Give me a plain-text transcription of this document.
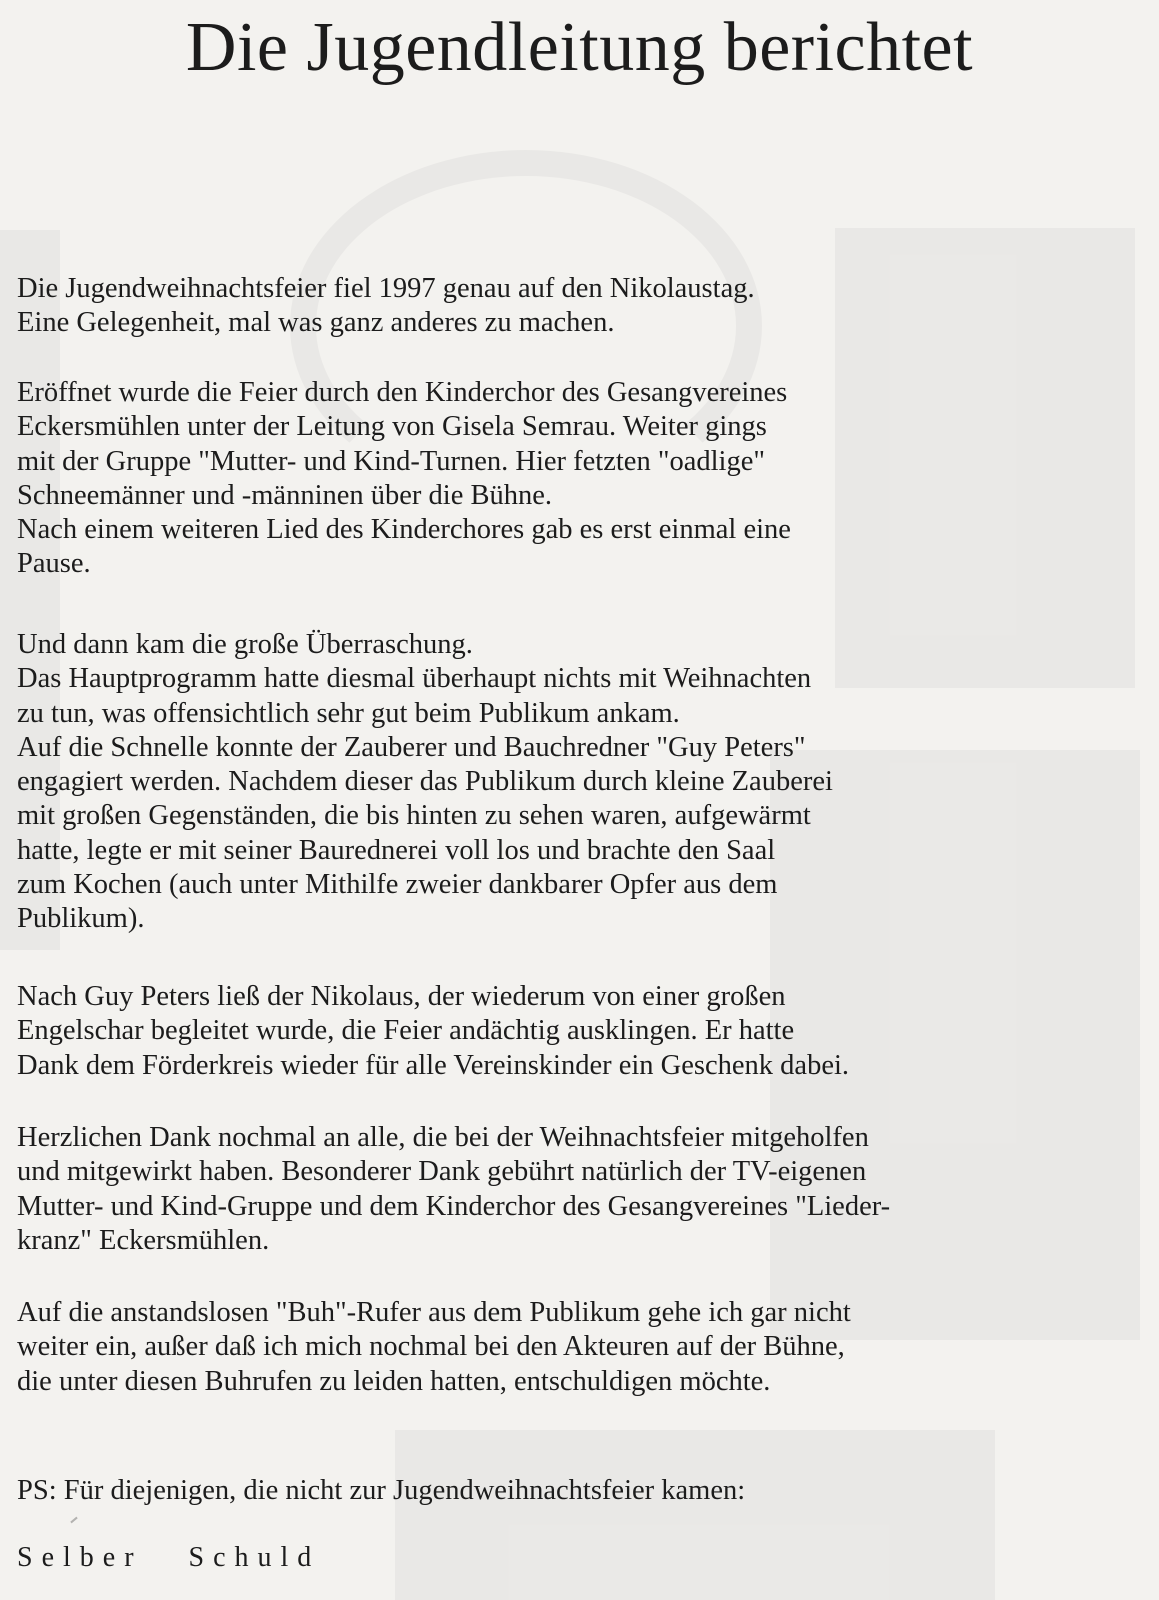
Die Jugendleitung berichtet

Die Jugendweihnachtsfeier fiel 1997 genau auf den Nikolaustag.
Eine Gelegenheit, mal was ganz anderes zu machen.

Eröffnet wurde die Feier durch den Kinderchor des Gesangvereines
Eckersmühlen unter der Leitung von Gisela Semrau. Weiter gings
mit der Gruppe "Mutter- und Kind-Turnen. Hier fetzten "oadlige"
Schneemänner und -männinen über die Bühne.
Nach einem weiteren Lied des Kinderchores gab es erst einmal eine
Pause.

Und dann kam die große Überraschung.
Das Hauptprogramm hatte diesmal überhaupt nichts mit Weihnachten
zu tun, was offensichtlich sehr gut beim Publikum ankam.
Auf die Schnelle konnte der Zauberer und Bauchredner "Guy Peters"
engagiert werden. Nachdem dieser das Publikum durch kleine Zauberei
mit großen Gegenständen, die bis hinten zu sehen waren, aufgewärmt
hatte, legte er mit seiner Baurednerei voll los und brachte den Saal
zum Kochen (auch unter Mithilfe zweier dankbarer Opfer aus dem
Publikum).

Nach Guy Peters ließ der Nikolaus, der wiederum von einer großen
Engelschar begleitet wurde, die Feier andächtig ausklingen. Er hatte
Dank dem Förderkreis wieder für alle Vereinskinder ein Geschenk dabei.

Herzlichen Dank nochmal an alle, die bei der Weihnachtsfeier mitgeholfen
und mitgewirkt haben. Besonderer Dank gebührt natürlich der TV-eigenen
Mutter- und Kind-Gruppe und dem Kinderchor des Gesangvereines "Lieder-
kranz" Eckersmühlen.

Auf die anstandslosen "Buh"-Rufer aus dem Publikum gehe ich gar nicht
weiter ein, außer daß ich mich nochmal bei den Akteuren auf der Bühne,
die unter diesen Buhrufen zu leiden hatten, entschuldigen möchte.

PS: Für diejenigen, die nicht zur Jugendweihnachtsfeier kamen:

Selber Schuld
